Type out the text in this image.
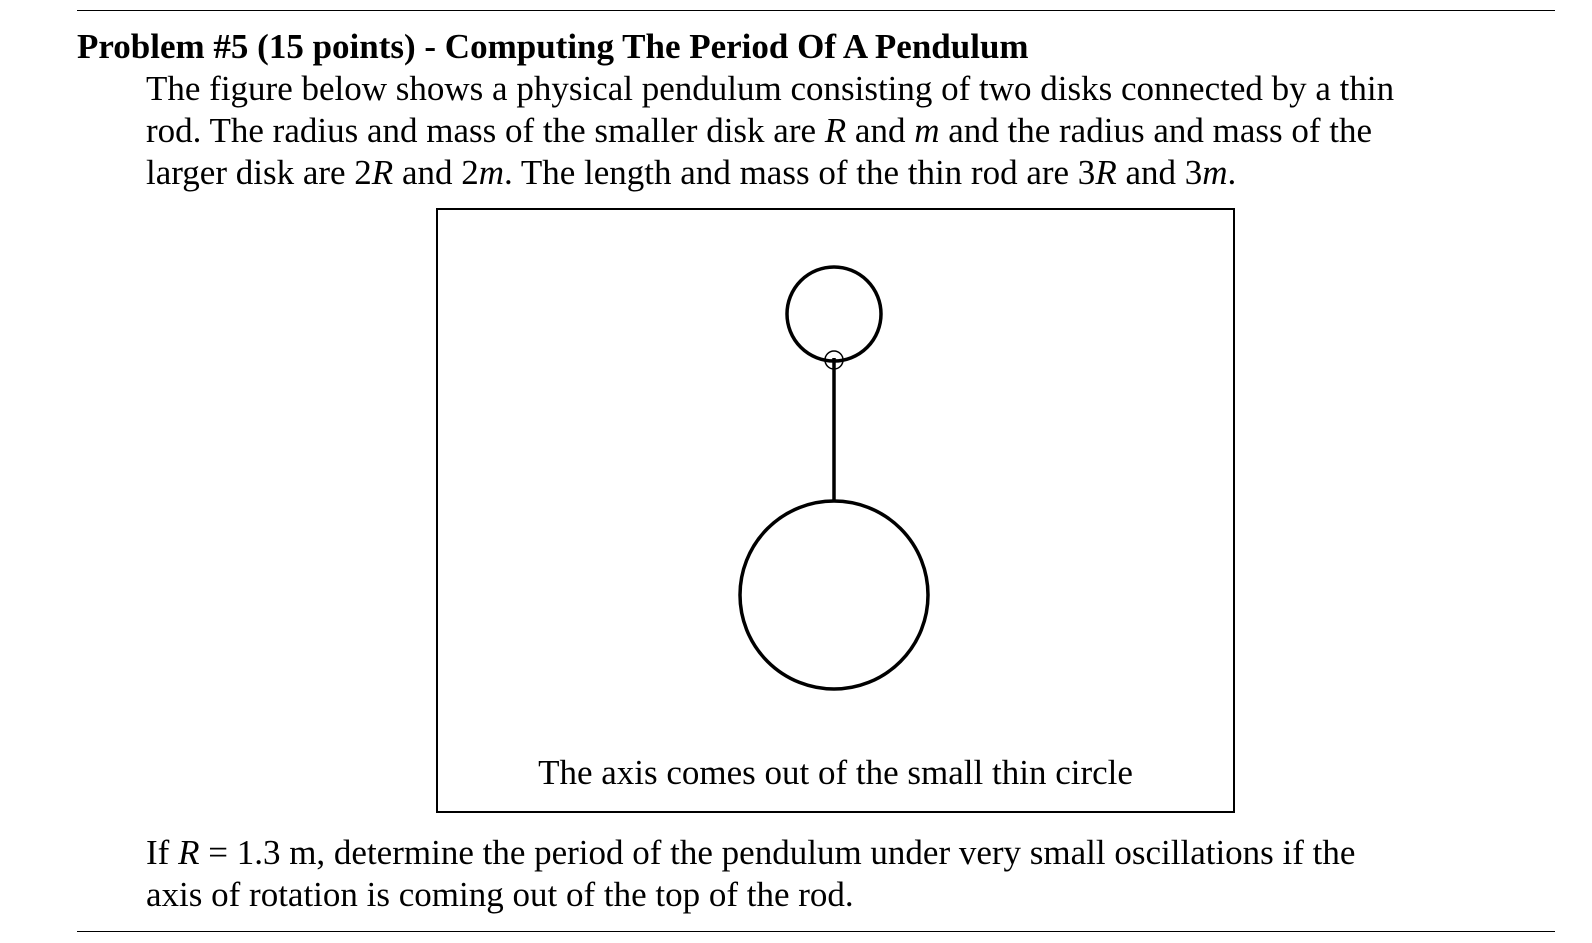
Problem #5 (15 points) - Computing The Period Of A Pendulum
The figure below shows a physical pendulum consisting of two disks connected by a thin
rod. The radius and mass of the smaller disk are R and m and the radius and mass of the
larger disk are 2R and 2m. The length and mass of the thin rod are 3R and 3m.
The axis comes out of the small thin circle
If R = 1.3 m, determine the period of the pendulum under very small oscillations if the
axis of rotation is coming out of the top of the rod.
